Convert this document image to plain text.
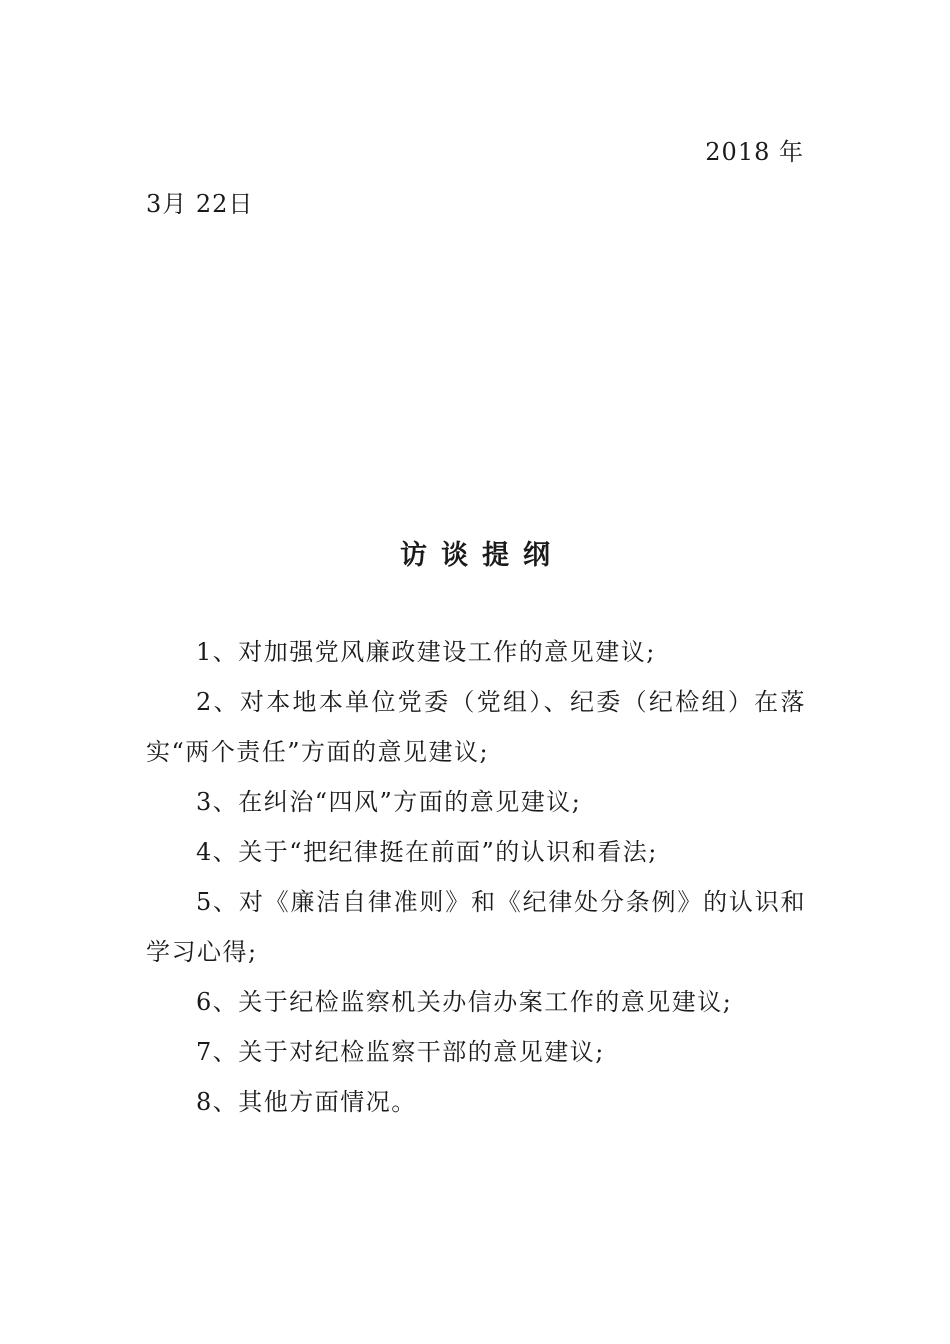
2018 年
3月 22日
访谈提纲
1、对加强党风廉政建设工作的意见建议;
2、对本地本单位党委（党组）、纪委（纪检组）在落实“两个责任”方面的意见建议;
3、在纠治“四风”方面的意见建议;
4、关于“把纪律挺在前面”的认识和看法;
5、对《廉洁自律准则》和《纪律处分条例》的认识和学习心得;
6、关于纪检监察机关办信办案工作的意见建议;
7、关于对纪检监察干部的意见建议;
8、其他方面情况。
